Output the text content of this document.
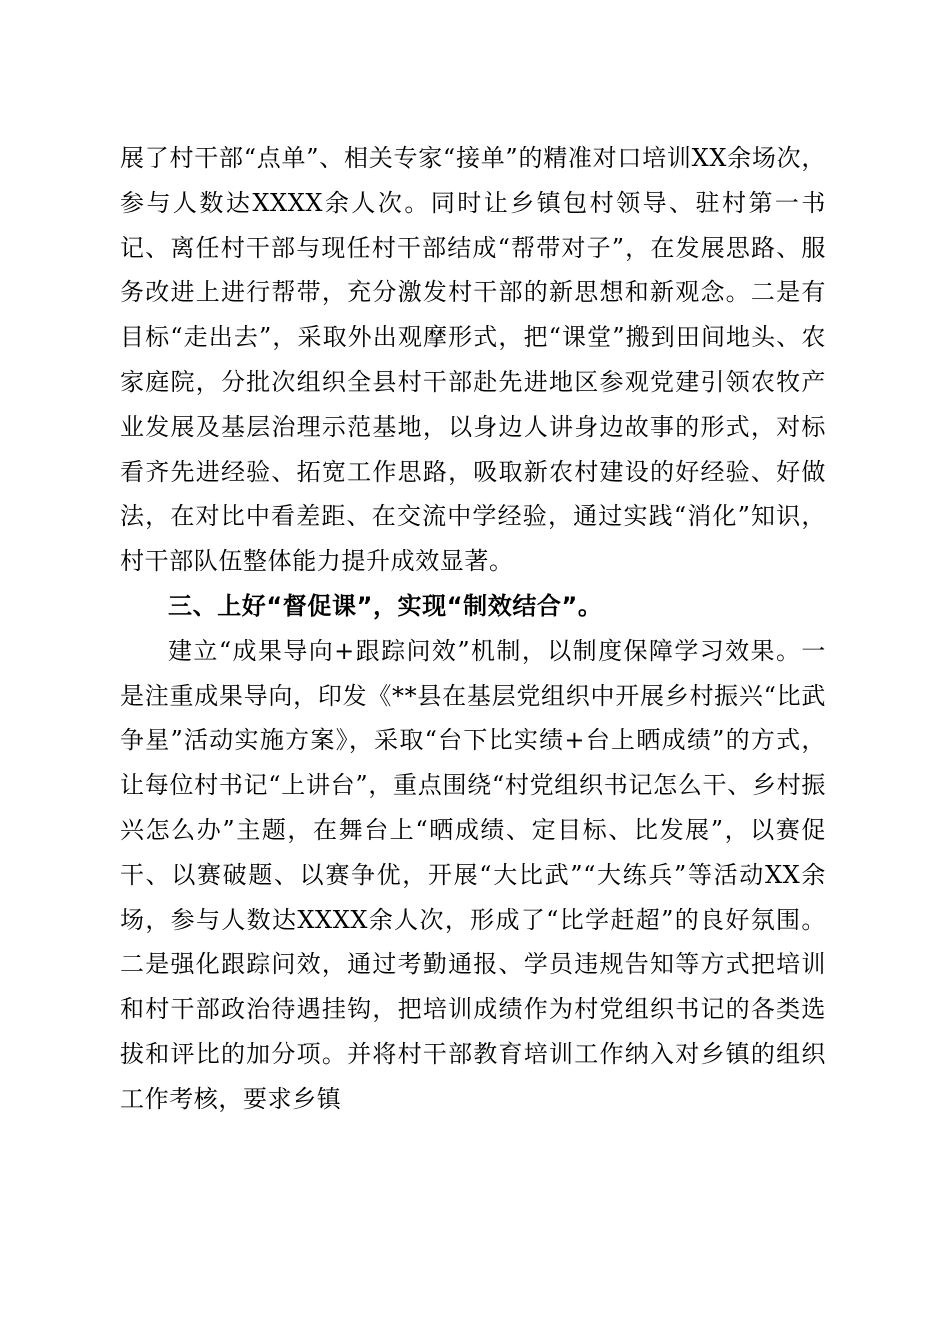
展了村干部“点单”、相关专家“接单”的精准对口培训XX余场次，参与人数达XXXX余人次。同时让乡镇包村领导、驻村第一书记、离任村干部与现任村干部结成“帮带对子”，在发展思路、服务改进上进行帮带，充分激发村干部的新思想和新观念。二是有目标“走出去”，采取外出观摩形式，把“课堂”搬到田间地头、农家庭院，分批次组织全县村干部赴先进地区参观党建引领农牧产业发展及基层治理示范基地，以身边人讲身边故事的形式，对标看齐先进经验、拓宽工作思路，吸取新农村建设的好经验、好做法，在对比中看差距、在交流中学经验，通过实践“消化”知识，村干部队伍整体能力提升成效显著。

三、上好“督促课”，实现“制效结合”。

建立“成果导向+跟踪问效”机制，以制度保障学习效果。一是注重成果导向，印发《**县在基层党组织中开展乡村振兴“比武争星”活动实施方案》，采取“台下比实绩+台上晒成绩”的方式，让每位村书记“上讲台”，重点围绕“村党组织书记怎么干、乡村振兴怎么办”主题，在舞台上“晒成绩、定目标、比发展”，以赛促干、以赛破题、以赛争优，开展“大比武”“大练兵”等活动XX余场，参与人数达XXXX余人次，形成了“比学赶超”的良好氛围。二是强化跟踪问效，通过考勤通报、学员违规告知等方式把培训和村干部政治待遇挂钩，把培训成绩作为村党组织书记的各类选拔和评比的加分项。并将村干部教育培训工作纳入对乡镇的组织工作考核，要求乡镇
